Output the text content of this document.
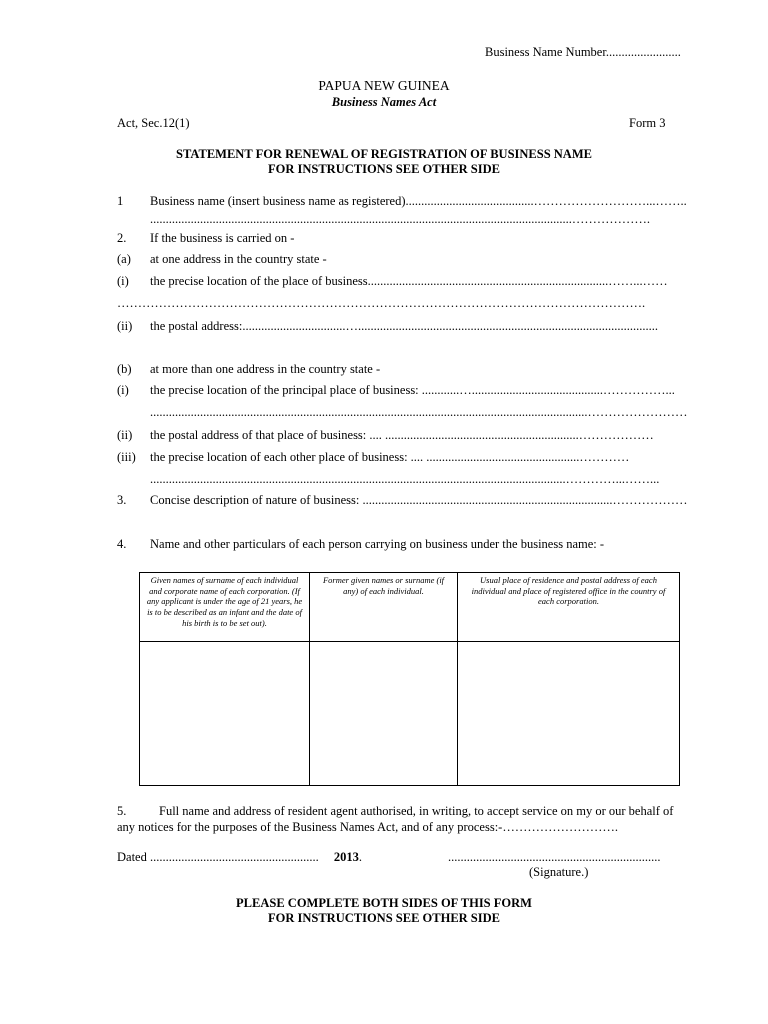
Business Name Number........................
PAPUA NEW GUINEA
Business Names Act
Act, Sec.12(1)	Form 3
STATEMENT FOR RENEWAL OF REGISTRATION OF BUSINESS NAME
FOR INSTRUCTIONS SEE OTHER SIDE
1 Business name (insert business name as registered).........................................………………………...……..
.......................................................................................................................................……………….
2. If the business is carried on -
(a) at one address in the country state -
(i) the precise location of the place of business.............................................................................……...……
……………………………………………………………………………………………………………….
(ii) the postal address:.................................…................................................................................................
(b) at more than one address in the country state -
(i) the precise location of the principal place of business: ............…..........................................……………...
............................................................................................................................................……………………
(ii) the postal address of that place of business: .... ..............................................................………………
(iii) the precise location of each other place of business: .... .................................................…………
.....................................................................................................................................…………...……...
3. Concise description of nature of business: ................................................................................………………
4. Name and other particulars of each person carrying on business under the business name: -
Given names of surname of each individual and corporate name of each corporation. (If any applicant is under the age of 21 years, he is to be described as an infant and the date of his birth is to be set out).	Former given names or surname (if any) of each individual.	Usual place of residence and postal address of each individual and place of registered office in the country of each corporation.

5.	Full name and address of resident agent authorised, in writing, to accept service on my or our behalf of
any notices for the purposes of the Business Names Act, and of any process:-……………………….
Dated ...................................................... 2013.	....................................................................
(Signature.)
PLEASE COMPLETE BOTH SIDES OF THIS FORM
FOR INSTRUCTIONS SEE OTHER SIDE
